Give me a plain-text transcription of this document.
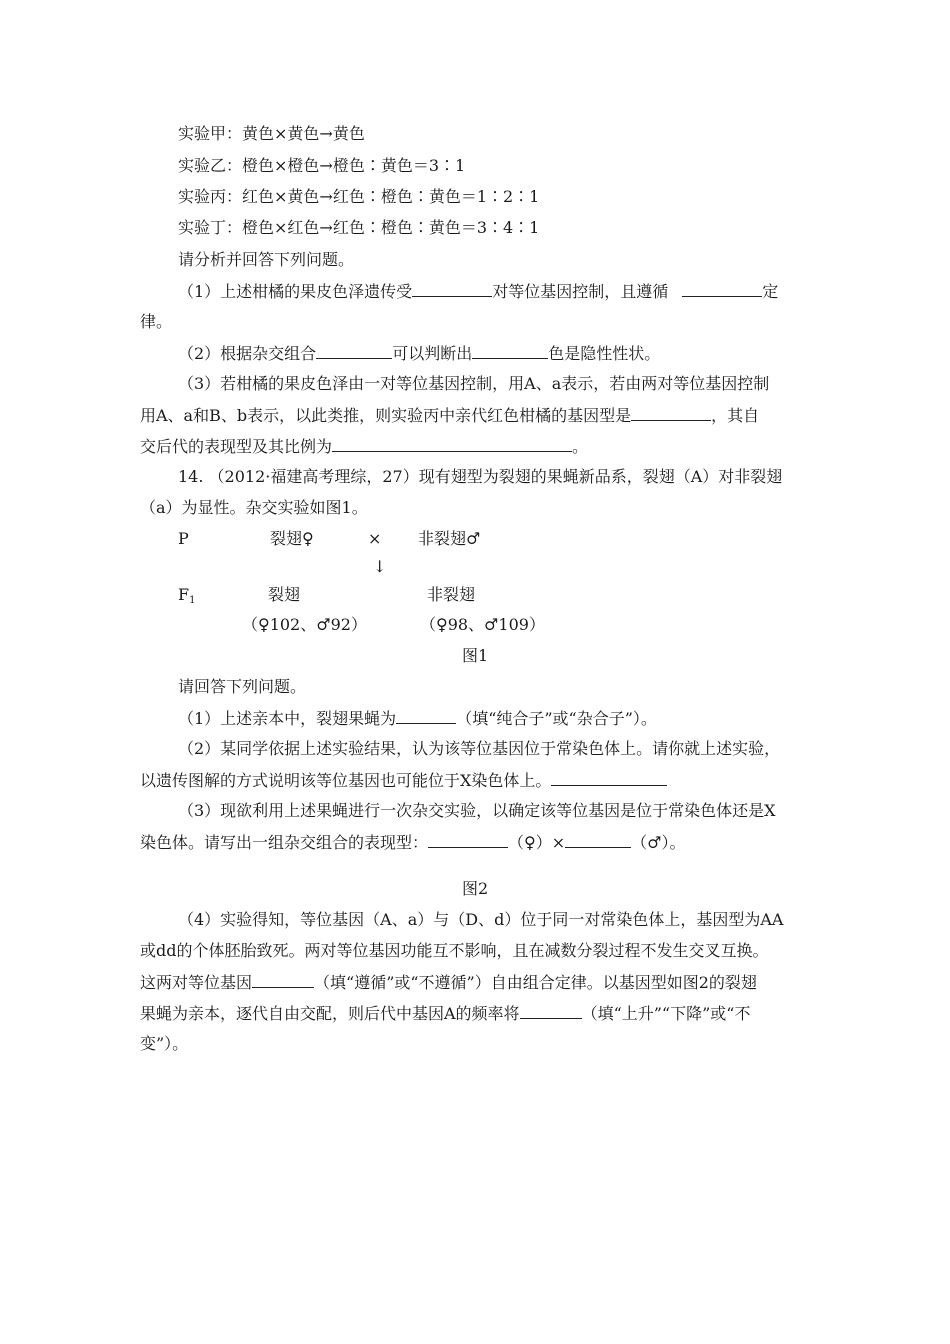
实验甲：黄色×黄色→黄色
实验乙：橙色×橙色→橙色∶黄色＝3∶1
实验丙：红色×黄色→红色∶橙色∶黄色＝1∶2∶1
实验丁：橙色×红色→红色∶橙色∶黄色＝3∶4∶1
请分析并回答下列问题。
（1）上述柑橘的果皮色泽遗传受	对等位基因控制，且遵循	定
律。
（2）根据杂交组合	可以判断出	色是隐性性状。
（3）若柑橘的果皮色泽由一对等位基因控制，用A、a表示，若由两对等位基因控制
用A、a和B、b表示，以此类推，则实验丙中亲代红色柑橘的基因型是	，其自
交后代的表现型及其比例为	。
14. （2012·福建高考理综，27）现有翅型为裂翅的果蝇新品系，裂翅（A）对非裂翅
（a）为显性。杂交实验如图1。
P	裂翅♀	× 非裂翅♂
↓
$F_1$	裂翅	非裂翅
（♀102、♂92）	（♀98、♂109）
图1
请回答下列问题。
（1）上述亲本中，裂翅果蝇为	（填“纯合子”或“杂合子”）。
（2）某同学依据上述实验结果，认为该等位基因位于常染色体上。请你就上述实验，
以遗传图解的方式说明该等位基因也可能位于X染色体上。
（3）现欲利用上述果蝇进行一次杂交实验，以确定该等位基因是位于常染色体还是X
染色体。请写出一组杂交组合的表现型：	（♀）×	（♂）。
图2
（4）实验得知，等位基因（A、a）与（D、d）位于同一对常染色体上，基因型为AA
或dd的个体胚胎致死。两对等位基因功能互不影响，且在减数分裂过程不发生交叉互换。
这两对等位基因	（填“遵循”或“不遵循”）自由组合定律。以基因型如图2的裂翅
果蝇为亲本，逐代自由交配，则后代中基因A的频率将	（填“上升”“下降”或“不
变”）。
